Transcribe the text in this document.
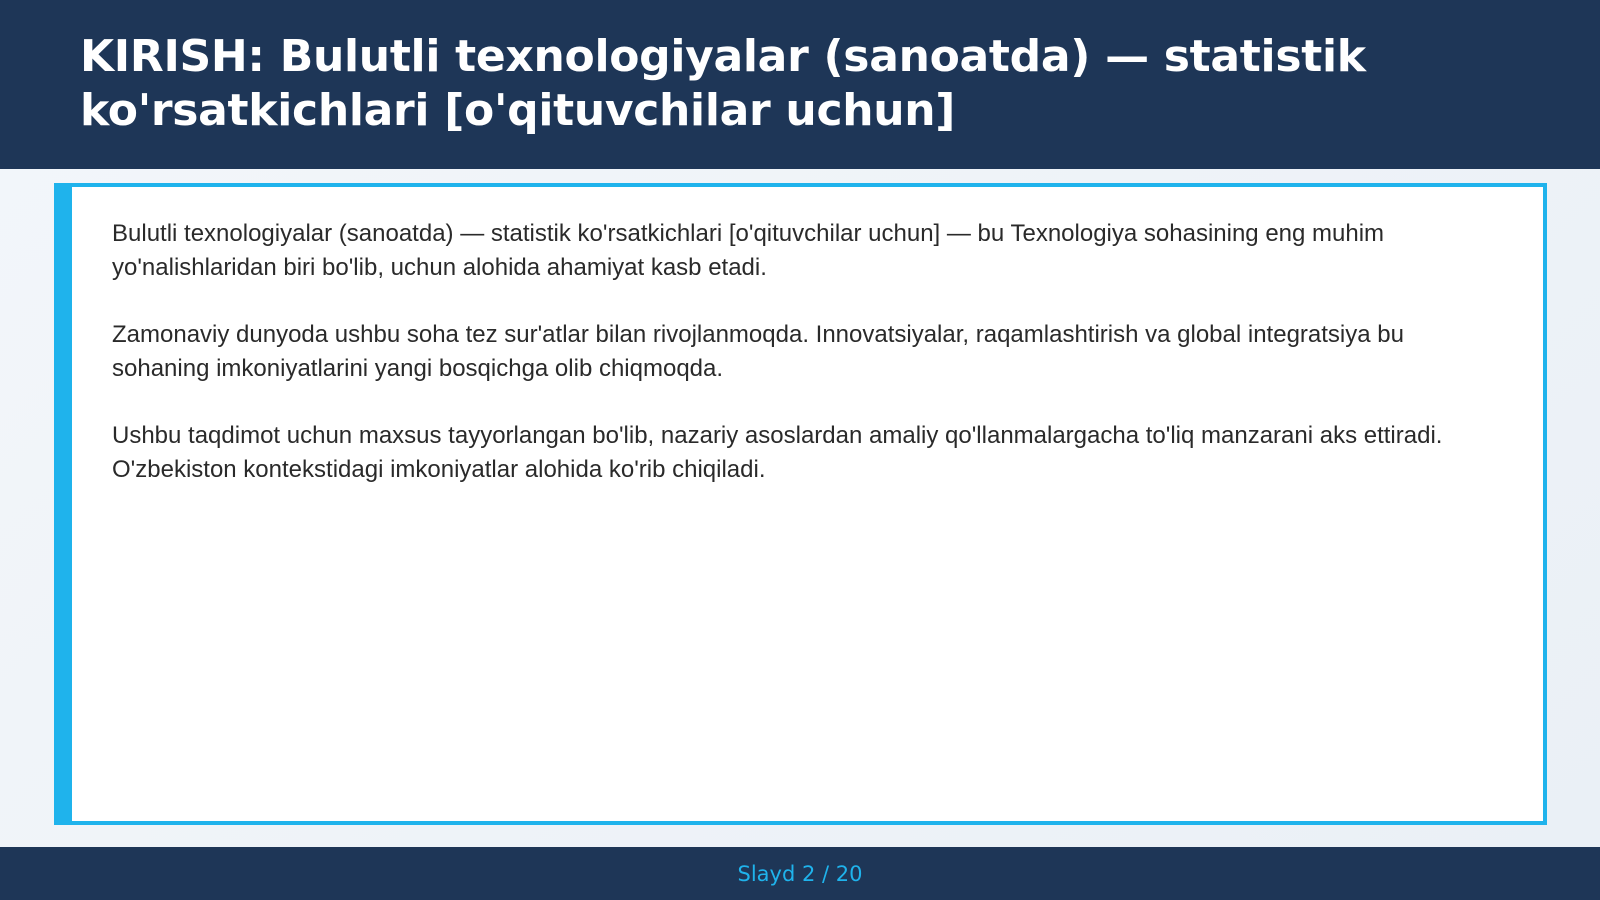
KIRISH: Bulutli texnologiyalar (sanoatda) — statistik ko'rsatkichlari [o'qituvchilar uchun]

Bulutli texnologiyalar (sanoatda) — statistik ko'rsatkichlari [o'qituvchilar uchun] — bu Texnologiya sohasining eng muhim yo'nalishlaridan biri bo'lib, uchun alohida ahamiyat kasb etadi.

Zamonaviy dunyoda ushbu soha tez sur'atlar bilan rivojlanmoqda. Innovatsiyalar, raqamlashtirish va global integratsiya bu sohaning imkoniyatlarini yangi bosqichga olib chiqmoqda.

Ushbu taqdimot uchun maxsus tayyorlangan bo'lib, nazariy asoslardan amaliy qo'llanmalargacha to'liq manzarani aks ettiradi. O'zbekiston kontekstidagi imkoniyatlar alohida ko'rib chiqiladi.

Slayd 2 / 20
